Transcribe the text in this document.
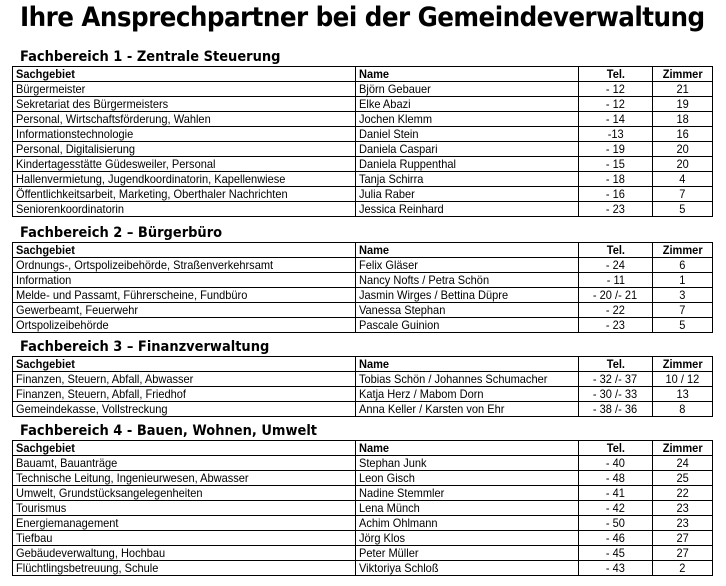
Ihre Ansprechpartner bei der Gemeindeverwaltung
Fachbereich 1 - Zentrale Steuerung
Sachgebiet	Name	Tel.	Zimmer
Bürgermeister	Björn Gebauer	- 12	21
Sekretariat des Bürgermeisters	Elke Abazi	- 12	19
Personal, Wirtschaftsförderung, Wahlen	Jochen Klemm	- 14	18
Informationstechnologie	Daniel Stein	-13	16
Personal, Digitalisierung	Daniela Caspari	- 19	20
Kindertagesstätte Güdesweiler, Personal	Daniela Ruppenthal	- 15	20
Hallenvermietung, Jugendkoordinatorin, Kapellenwiese	Tanja Schirra	- 18	4
Öffentlichkeitsarbeit, Marketing, Oberthaler Nachrichten	Julia Raber	- 16	7
Seniorenkoordinatorin	Jessica Reinhard	- 23	5
Fachbereich 2 – Bürgerbüro
Sachgebiet	Name	Tel.	Zimmer
Ordnungs-, Ortspolizeibehörde, Straßenverkehrsamt	Felix Gläser	- 24	6
Information	Nancy Nofts / Petra Schön	- 11	1
Melde- und Passamt, Führerscheine, Fundbüro	Jasmin Wirges / Bettina Düpre	- 20 /- 21	3
Gewerbeamt, Feuerwehr	Vanessa Stephan	- 22	7
Ortspolizeibehörde	Pascale Guinion	- 23	5
Fachbereich 3 – Finanzverwaltung
Sachgebiet	Name	Tel.	Zimmer
Finanzen, Steuern, Abfall, Abwasser	Tobias Schön / Johannes Schumacher	- 32 /- 37	10 / 12
Finanzen, Steuern, Abfall, Friedhof	Katja Herz / Mabom Dorn	- 30 /- 33	13
Gemeindekasse, Vollstreckung	Anna Keller / Karsten von Ehr	- 38 /- 36	8
Fachbereich 4 - Bauen, Wohnen, Umwelt
Sachgebiet	Name	Tel.	Zimmer
Bauamt, Bauanträge	Stephan Junk	- 40	24
Technische Leitung, Ingenieurwesen, Abwasser	Leon Gisch	- 48	25
Umwelt, Grundstücksangelegenheiten	Nadine Stemmler	- 41	22
Tourismus	Lena Münch	- 42	23
Energiemanagement	Achim Ohlmann	- 50	23
Tiefbau	Jörg Klos	- 46	27
Gebäudeverwaltung, Hochbau	Peter Müller	- 45	27
Flüchtlingsbetreuung, Schule	Viktoriya Schloß	- 43	2
